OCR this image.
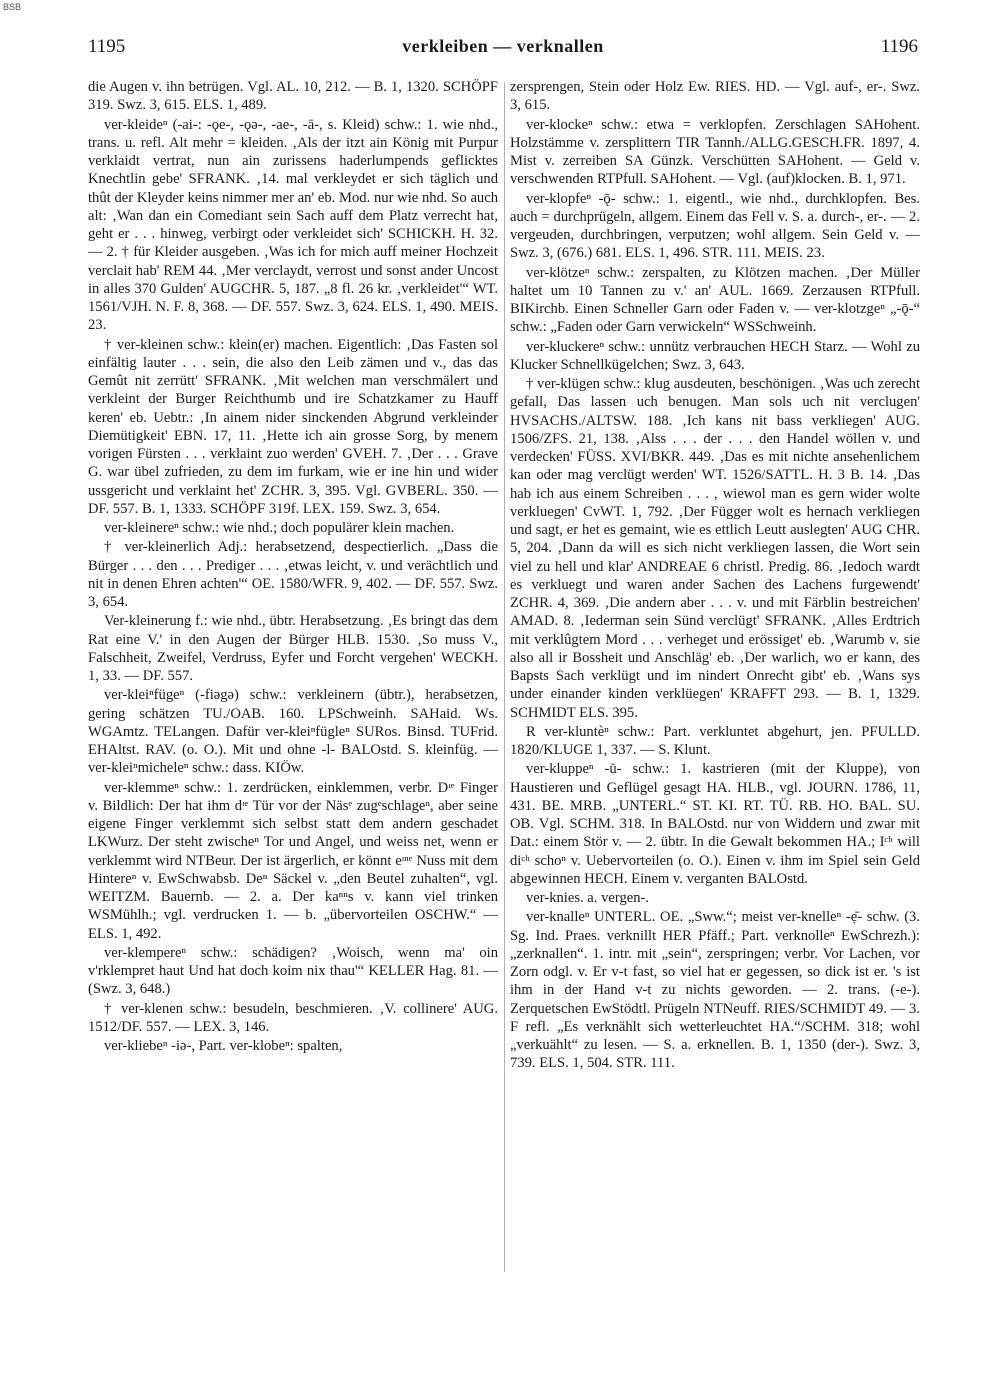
BSB
1195	verkleiben — verknallen	1196

die Augen v. ihn betrügen. Vgl. AL. 10, 212. — B. 1, 1320. SCHÖPF 319. Swz. 3, 615. ELS. 1, 489.

ver-kleideⁿ (-ai-: -ǫe-, -ǫə-, -ae-, -ā-, s. Kleid) schw.: 1. wie nhd., trans. u. refl. Alt mehr = kleiden. ‚Als der itzt ain König mit Purpur verklaidt vertrat, nun ain zurissens haderlumpends geflicktes Knechtlin gebe' SFRANK. ‚14. mal verkleydet er sich täglich und thût der Kleyder keins nimmer mer an' eb. Mod. nur wie nhd. So auch alt: ‚Wan dan ein Comediant sein Sach auff dem Platz verrecht hat, geht er . . . hinweg, verbirgt oder verkleidet sich' SCHICKH. H. 32. — 2. † für Kleider ausgeben. ‚Was ich for mich auff meiner Hochzeit verclait hab' REM 44. ‚Mer verclaydt, verrost und sonst ander Uncost in alles 370 Gulden' AUGCHR. 5, 187. „8 fl. 26 kr. ‚verkleidet'“ WT. 1561/VJH. N. F. 8, 368. — DF. 557. Swz. 3, 624. ELS. 1, 490. MEIS. 23.

† ver-kleinen schw.: klein(er) machen. Eigentlich: ‚Das Fasten sol einfältig lauter . . . sein, die also den Leib zämen und v., das das Gemût nit zerrütt' SFRANK. ‚Mit welchen man verschmälert und verkleint der Burger Reichthumb und ire Schatzkamer zu Hauff keren' eb. Uebtr.: ‚In ainem nider sinckenden Abgrund verkleinder Diemütigkeit' EBN. 17, 11. ‚Hette ich ain grosse Sorg, by menem vorigen Fürsten . . . verklaint zuo werden' GVEH. 7. ‚Der . . . Grave G. war übel zufrieden, zu dem im furkam, wie er ine hin und wider ussgericht und verklaint het' ZCHR. 3, 395. Vgl. GVBERL. 350. — DF. 557. B. 1, 1333. SCHÖPF 319f. LEX. 159. Swz. 3, 654.

ver-kleinereⁿ schw.: wie nhd.; doch populärer klein machen.

† ver-kleinerlich Adj.: herabsetzend, despectierlich. „Dass die Bürger . . . den . . . Prediger . . . ‚etwas leicht, v. und verächtlich und nit in denen Ehren achten'“ OE. 1580/WFR. 9, 402. — DF. 557. Swz. 3, 654.

Ver-kleinerung f.: wie nhd., übtr. Herabsetzung. ‚Es bringt das dem Rat eine V.' in den Augen der Bürger HLB. 1530. ‚So muss V., Falschheit, Zweifel, Verdruss, Eyfer und Forcht vergehen' WECKH. 1, 33. — DF. 557.

ver-kleiⁿfügeⁿ (-fiəgə) schw.: verkleinern (übtr.), herabsetzen, gering schätzen TU./OAB. 160. LPSchweinh. SAHaid. Ws. WGAmtz. TELangen. Dafür ver-kleiⁿfügleⁿ SURos. Binsd. TUFrid. EHAltst. RAV. (o. O.). Mit und ohne -l- BALOstd. S. kleinfüg. — ver-kleiⁿmicheleⁿ schw.: dass. KIÖw.

ver-klemmeⁿ schw.: 1. zerdrücken, einklemmen, verbr. Dᶦᵉ Finger v. Bildlich: Der hat ihm dᶦᵉ Tür vor der Näsᵉ zugᵉschlageⁿ, aber seine eigene Finger verklemmt sich selbst statt dem andern geschadet LKWurz. Der steht zwischeⁿ Tor und Angel, und weiss net, wenn er verklemmt wird NTBeur. Der ist ärgerlich, er könnt eᶦⁿᵉ Nuss mit dem Hintereⁿ v. EwSchwabsb. Deⁿ Säckel v. „den Beutel zuhalten“, vgl. WEITZM. Bauernb. — 2. a. Der kaⁿⁿs v. kann viel trinken WSMühlh.; vgl. verdrucken 1. — b. „übervorteilen OSCHW.“ — ELS. 1, 492.

ver-klempereⁿ schw.: schädigen? ‚Woisch, wenn ma' oin v'rklempret haut Und hat doch koim nix thau'“ KELLER Hag. 81. — (Swz. 3, 648.)

† ver-klenen schw.: besudeln, beschmieren. ‚V. collinere' AUG. 1512/DF. 557. — LEX. 3, 146.

ver-kliebeⁿ -iə-, Part. ver-klobeⁿ: spalten,

zersprengen, Stein oder Holz Ew. RIES. HD. — Vgl. auf-, er-. Swz. 3, 615.

ver-klockeⁿ schw.: etwa = verklopfen. Zerschlagen SAHohent. Holzstämme v. zersplittern TIR Tannh./ALLG.GESCH.FR. 1897, 4. Mist v. zerreiben SA Günzk. Verschütten SAHohent. — Geld v. verschwenden RTPfull. SAHohent. — Vgl. (auf)klocken. B. 1, 971.

ver-klopfeⁿ -ǭ- schw.: 1. eigentl., wie nhd., durchklopfen. Bes. auch = durchprügeln, allgem. Einem das Fell v. S. a. durch-, er-. — 2. vergeuden, durchbringen, verputzen; wohl allgem. Sein Geld v. — Swz. 3, (676.) 681. ELS. 1, 496. STR. 111. MEIS. 23.

ver-klötzeⁿ schw.: zerspalten, zu Klötzen machen. ‚Der Müller haltet um 10 Tannen zu v.' an' AUL. 1669. Zerzausen RTPfull. BIKirchb. Einen Schneller Garn oder Faden v. — ver-klotzgeⁿ „-ǭ-“ schw.: „Faden oder Garn verwickeln“ WSSchweinh.

ver-kluckereⁿ schw.: unnütz verbrauchen HECH Starz. — Wohl zu Klucker Schnellkügelchen; Swz. 3, 643.

† ver-klügen schw.: klug ausdeuten, beschönigen. ‚Was uch zerecht gefall, Das lassen uch benugen. Man sols uch nit verclugen' HVSACHS./ALTSW. 188. ‚Ich kans nit bass verkliegen' AUG. 1506/ZFS. 21, 138. ‚Alss . . . der . . . den Handel wöllen v. und verdecken' FÜSS. XVI/BKR. 449. ‚Das es mit nichte ansehenlichem kan oder mag verclügt werden' WT. 1526/SATTL. H. 3 B. 14. ‚Das hab ich aus einem Schreiben . . . , wiewol man es gern wider wolte verkluegen' CvWT. 1, 792. ‚Der Függer wolt es hernach verkliegen und sagt, er het es gemaint, wie es ettlich Leutt auslegten' AUG CHR. 5, 204. ‚Dann da will es sich nicht verkliegen lassen, die Wort sein viel zu hell und klar' ANDREAE 6 christl. Predig. 86. ‚Iedoch wardt es verkluegt und waren ander Sachen des Lachens furgewendt' ZCHR. 4, 369. ‚Die andern aber . . . v. und mit Färblin bestreichen' AMAD. 8. ‚Iederman sein Sünd verclügt' SFRANK. ‚Alles Erdtrich mit verklûgtem Mord . . . verheget und erössiget' eb. ‚Warumb v. sie also all ir Bossheit und Anschläg' eb. ‚Der warlich, wo er kann, des Bapsts Sach verklügt und im nindert Onrecht gibt' eb. ‚Wans sys under einander kinden verklüegen' KRAFFT 293. — B. 1, 1329. SCHMIDT ELS. 395.

R ver-kluntèⁿ schw.: Part. verkluntet abgehurt, jen. PFULLD. 1820/KLUGE 1, 337. — S. Klunt.

ver-kluppeⁿ -ū- schw.: 1. kastrieren (mit der Kluppe), von Haustieren und Geflügel gesagt HA. HLB., vgl. JOURN. 1786, 11, 431. BE. MRB. „UNTERL.“ ST. KI. RT. TÜ. RB. HO. BAL. SU. OB. Vgl. SCHM. 318. In BALOstd. nur von Widdern und zwar mit Dat.: einem Stör v. — 2. übtr. In die Gewalt bekommen HA.; Iᶜʰ will diᶜʰ schoⁿ v. Uebervorteilen (o. O.). Einen v. ihm im Spiel sein Geld abgewinnen HECH. Einem v. verganten BALOstd.

ver-knies. a. vergen-.

ver-knalleⁿ UNTERL. OE. „Sww.“; meist ver-knelleⁿ -ẹ̄- schw. (3. Sg. Ind. Praes. verknillt HER Pfäff.; Part. verknolleⁿ EwSchrezh.): „zerknallen“. 1. intr. mit „sein“, zerspringen; verbr. Vor Lachen, vor Zorn odgl. v. Er v-t fast, so viel hat er gegessen, so dick ist er. 's ist ihm in der Hand v-t zu nichts geworden. — 2. trans. (-e-). Zerquetschen EwStödtl. Prügeln NTNeuff. RIES/SCHMIDT 49. — 3. F refl. „Es verknählt sich wetterleuchtet HA.“/SCHM. 318; wohl „verkuählt“ zu lesen. — S. a. erknellen. B. 1, 1350 (der-). Swz. 3, 739. ELS. 1, 504. STR. 111.
